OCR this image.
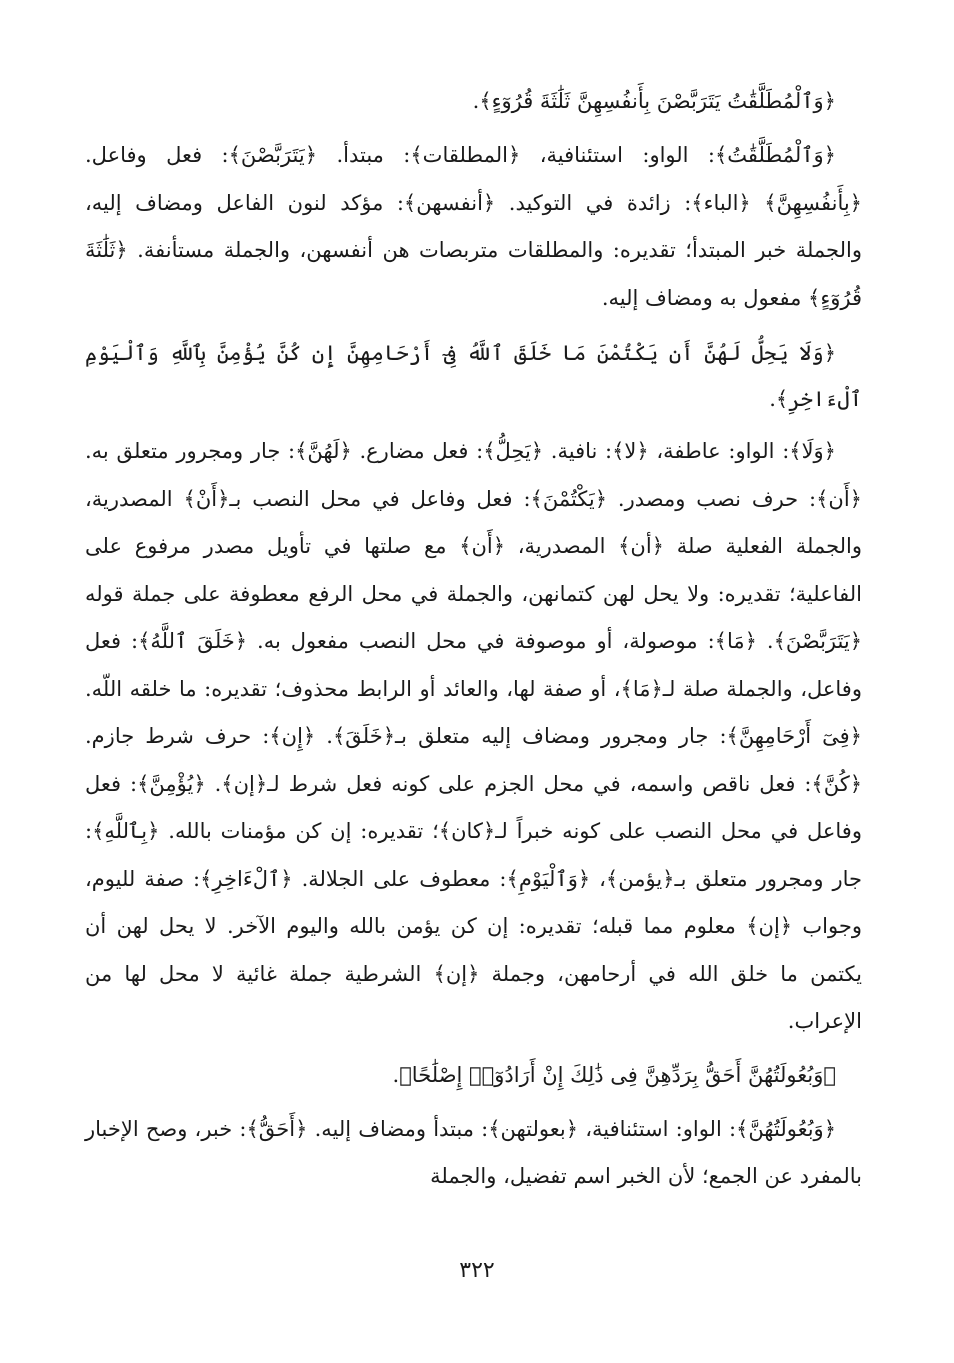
﴿وَٱلْمُطَلَّقَٰتُ يَتَرَبَّصْنَ بِأَنفُسِهِنَّ ثَلَٰثَةَ قُرُوٓءٍ﴾.

﴿وَٱلْمُطَلَّقَٰتُ﴾: الواو: استئنافية، ﴿المطلقات﴾: مبتدأ. ﴿يَتَرَبَّصْنَ﴾: فعل وفاعل. ﴿بِأَنفُسِهِنَّ﴾ ﴿الباء﴾: زائدة في التوكيد. ﴿أنفسهن﴾: مؤكد لنون الفاعل ومضاف إليه، والجملة خبر المبتدأ؛ تقديره: والمطلقات متربصات هن أنفسهن، والجملة مستأنفة. ﴿ثَلَٰثَةَ قُرُوٓءٍ﴾ مفعول به ومضاف إليه.

﴿وَلَا يَحِلُّ لَهُنَّ أَن يَكْتُمْنَ مَا خَلَقَ ٱللَّهُ فِىٓ أَرْحَامِهِنَّ إِن كُنَّ يُؤْمِنَّ بِٱللَّهِ وَٱلْيَوْمِ ٱلْءَاخِرِ﴾.

﴿وَلَا﴾: الواو: عاطفة، ﴿لا﴾: نافية. ﴿يَحِلُّ﴾: فعل مضارع. ﴿لَهُنَّ﴾: جار ومجرور متعلق به. ﴿أَن﴾: حرف نصب ومصدر. ﴿يَكْتُمْنَ﴾: فعل وفاعل في محل النصب بـ﴿أَنْ﴾ المصدرية، والجملة الفعلية صلة ﴿أن﴾ المصدرية، ﴿أَن﴾ مع صلتها في تأويل مصدر مرفوع على الفاعلية؛ تقديره: ولا يحل لهن كتمانهن، والجملة في محل الرفع معطوفة على جملة قوله ﴿يَتَرَبَّصْنَ﴾. ﴿مَا﴾: موصولة، أو موصوفة في محل النصب مفعول به. ﴿خَلَقَ ٱللَّهُ﴾: فعل وفاعل، والجملة صلة لـ﴿مَا﴾، أو صفة لها، والعائد أو الرابط محذوف؛ تقديره: ما خلقه اللّه. ﴿فِىٓ أَرْحَامِهِنَّ﴾: جار ومجرور ومضاف إليه متعلق بـ﴿خَلَقَ﴾. ﴿إِن﴾: حرف شرط جازم. ﴿كُنَّ﴾: فعل ناقص واسمه، في محل الجزم على كونه فعل شرط لـ﴿إن﴾. ﴿يُؤْمِنَّ﴾: فعل وفاعل في محل النصب على كونه خبراً لـ﴿كان﴾؛ تقديره: إن كن مؤمنات بالله. ﴿بِٱللَّهِ﴾: جار ومجرور متعلق بـ﴿يؤمن﴾، ﴿وَٱلْيَوْمِ﴾: معطوف على الجلالة. ﴿ٱلْءَاخِرِ﴾: صفة لليوم، وجواب ﴿إن﴾ معلوم مما قبله؛ تقديره: إن كن يؤمن بالله واليوم الآخر. لا يحل لهن أن يكتمن ما خلق الله في أرحامهن، وجملة ﴿إن﴾ الشرطية جملة غائية لا محل لها من الإعراب.

﴿وَبُعُولَتُهُنَّ أَحَقُّ بِرَدِّهِنَّ فِى ذَٰلِكَ إِنْ أَرَادُوٓا۟ إِصْلَٰحًا﴾.

﴿وَبُعُولَتُهُنَّ﴾: الواو: استئنافية، ﴿بعولتهن﴾: مبتدأ ومضاف إليه. ﴿أَحَقُّ﴾: خبر، وصح الإخبار بالمفرد عن الجمع؛ لأن الخبر اسم تفضيل، والجملة

٣٢٢
